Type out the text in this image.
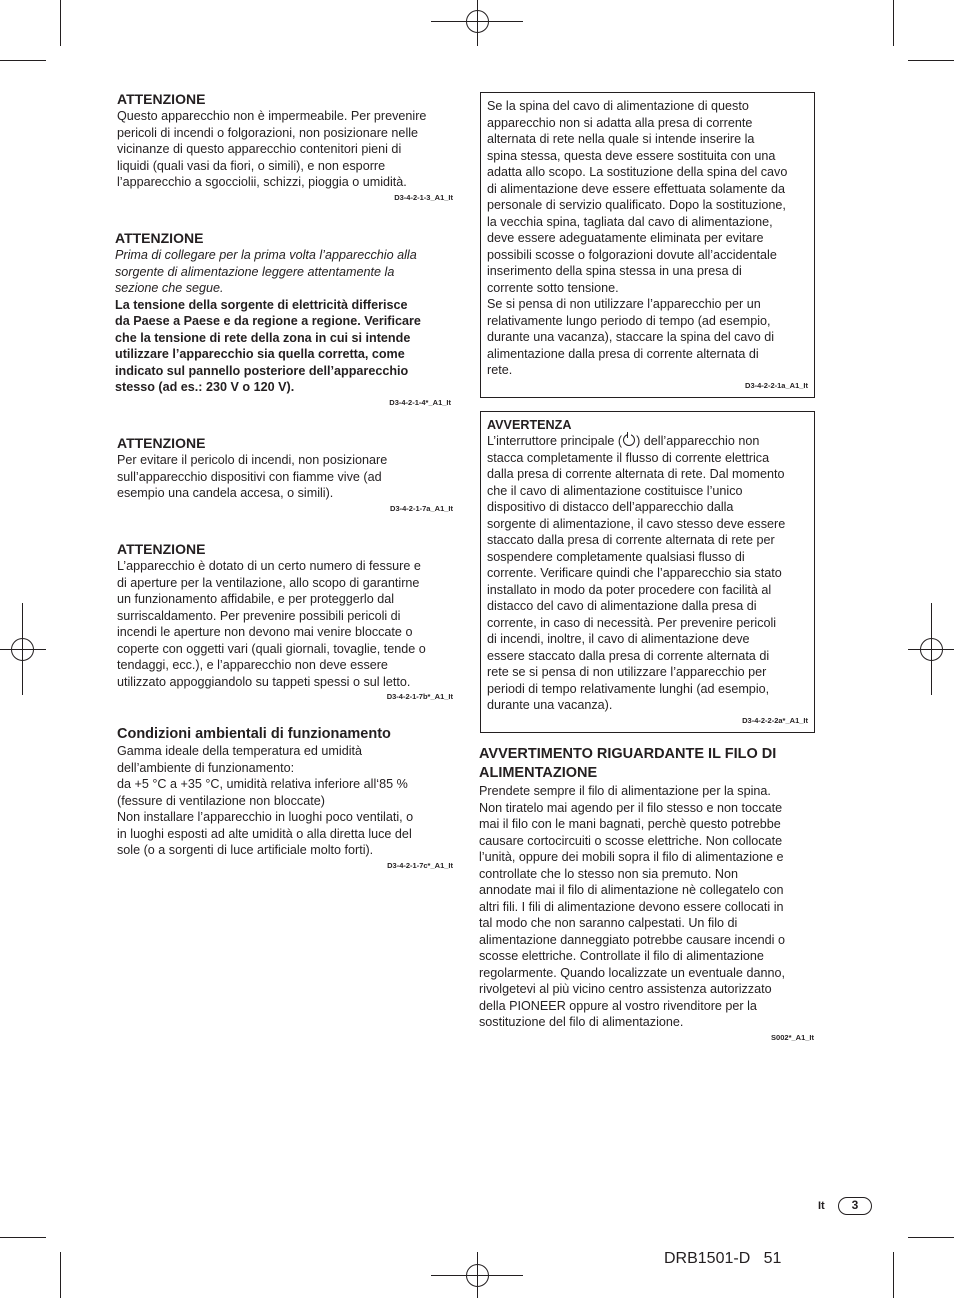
ATTENZIONE
Questo apparecchio non è impermeabile. Per prevenire
pericoli di incendi o folgorazioni, non posizionare nelle
vicinanze di questo apparecchio contenitori pieni di
liquidi (quali vasi da fiori, o simili), e non esporre
l’apparecchio a sgocciolii, schizzi, pioggia o umidità.
D3-4-2-1-3_A1_It
ATTENZIONE
Prima di collegare per la prima volta l’apparecchio alla
sorgente di alimentazione leggere attentamente la
sezione che segue.
La tensione della sorgente di elettricità differisce
da Paese a Paese e da regione a regione. Verificare
che la tensione di rete della zona in cui si intende
utilizzare l’apparecchio sia quella corretta, come
indicato sul pannello posteriore dell’apparecchio
stesso (ad es.: 230 V o 120 V).
D3-4-2-1-4*_A1_It
ATTENZIONE
Per evitare il pericolo di incendi, non posizionare
sull’apparecchio dispositivi con fiamme vive (ad
esempio una candela accesa, o simili).
D3-4-2-1-7a_A1_It
ATTENZIONE
L’apparecchio è dotato di un certo numero di fessure e
di aperture per la ventilazione, allo scopo di garantirne
un funzionamento affidabile, e per proteggerlo dal
surriscaldamento. Per prevenire possibili pericoli di
incendi le aperture non devono mai venire bloccate o
coperte con oggetti vari (quali giornali, tovaglie, tende o
tendaggi, ecc.), e l’apparecchio non deve essere
utilizzato appoggiandolo su tappeti spessi o sul letto.
D3-4-2-1-7b*_A1_It
Condizioni ambientali di funzionamento
Gamma ideale della temperatura ed umidità
dell’ambiente di funzionamento:
da +5 °C a +35 °C, umidità relativa inferiore all‘85 %
(fessure di ventilazione non bloccate)
Non installare l’apparecchio in luoghi poco ventilati, o
in luoghi esposti ad alte umidità o alla diretta luce del
sole (o a sorgenti di luce artificiale molto forti).
D3-4-2-1-7c*_A1_It
Se la spina del cavo di alimentazione di questo
apparecchio non si adatta alla presa di corrente
alternata di rete nella quale si intende inserire la
spina stessa, questa deve essere sostituita con una
adatta allo scopo. La sostituzione della spina del cavo
di alimentazione deve essere effettuata solamente da
personale di servizio qualificato. Dopo la sostituzione,
la vecchia spina, tagliata dal cavo di alimentazione,
deve essere adeguatamente eliminata per evitare
possibili scosse o folgorazioni dovute all’accidentale
inserimento della spina stessa in una presa di
corrente sotto tensione.
Se si pensa di non utilizzare l’apparecchio per un
relativamente lungo periodo di tempo (ad esempio,
durante una vacanza), staccare la spina del cavo di
alimentazione dalla presa di corrente alternata di
rete.
D3-4-2-2-1a_A1_It
AVVERTENZA
L’interruttore principale ( ) dell’apparecchio non
stacca completamente il flusso di corrente elettrica
dalla presa di corrente alternata di rete. Dal momento
che il cavo di alimentazione costituisce l’unico
dispositivo di distacco dell’apparecchio dalla
sorgente di alimentazione, il cavo stesso deve essere
staccato dalla presa di corrente alternata di rete per
sospendere completamente qualsiasi flusso di
corrente. Verificare quindi che l’apparecchio sia stato
installato in modo da poter procedere con facilità al
distacco del cavo di alimentazione dalla presa di
corrente, in caso di necessità. Per prevenire pericoli
di incendi, inoltre, il cavo di alimentazione deve
essere staccato dalla presa di corrente alternata di
rete se si pensa di non utilizzare l’apparecchio per
periodi di tempo relativamente lunghi (ad esempio,
durante una vacanza).
D3-4-2-2-2a*_A1_It
AVVERTIMENTO RIGUARDANTE IL FILO DI
ALIMENTAZIONE
Prendete sempre il filo di alimentazione per la spina.
Non tiratelo mai agendo per il filo stesso e non toccate
mai il filo con le mani bagnati, perchè questo potrebbe
causare cortocircuiti o scosse elettriche. Non collocate
l’unità, oppure dei mobili sopra il filo di alimentazione e
controllate che lo stesso non sia premuto. Non
annodate mai il filo di alimentazione nè collegatelo con
altri fili. I fili di alimentazione devono essere collocati in
tal modo che non saranno calpestati. Un filo di
alimentazione danneggiato potrebbe causare incendi o
scosse elettriche. Controllate il filo di alimentazione
regolarmente. Quando localizzate un eventuale danno,
rivolgetevi al più vicino centro assistenza autorizzato
della PIONEER oppure al vostro rivenditore per la
sostituzione del filo di alimentazione.
S002*_A1_It
It	3
DRB1501-D   51
